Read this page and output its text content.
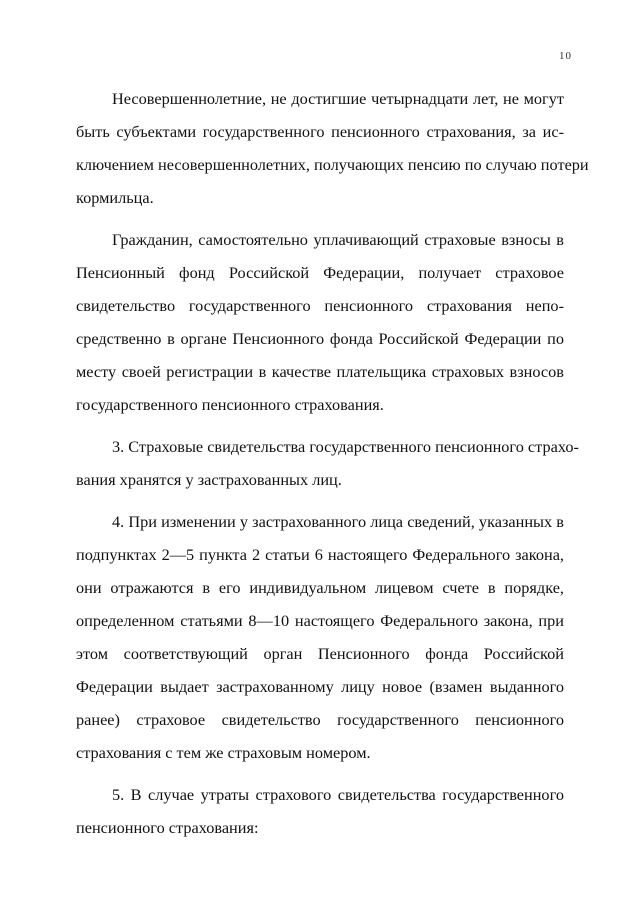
10
Несовершеннолетние, не достигшие четырнадцати лет, не могут
быть субъектами государственного пенсионного страхования, за ис-
ключением несовершеннолетних, получающих пенсию по случаю потери
кормильца.
Гражданин, самостоятельно уплачивающий страховые взносы в
Пенсионный фонд Российской Федерации, получает страховое
свидетельство государственного пенсионного страхования непо-
средственно в органе Пенсионного фонда Российской Федерации по
месту своей регистрации в качестве плательщика страховых взносов
государственного пенсионного страхования.
3. Страховые свидетельства государственного пенсионного страхо-
вания хранятся у застрахованных лиц.
4. При изменении у застрахованного лица сведений, указанных в
подпунктах 2—5 пункта 2 статьи 6 настоящего Федерального закона,
они отражаются в его индивидуальном лицевом счете в порядке,
определенном статьями 8—10 настоящего Федерального закона, при
этом соответствующий орган Пенсионного фонда Российской
Федерации выдает застрахованному лицу новое (взамен выданного
ранее) страховое свидетельство государственного пенсионного
страхования с тем же страховым номером.
5. В случае утраты страхового свидетельства государственного
пенсионного страхования:
